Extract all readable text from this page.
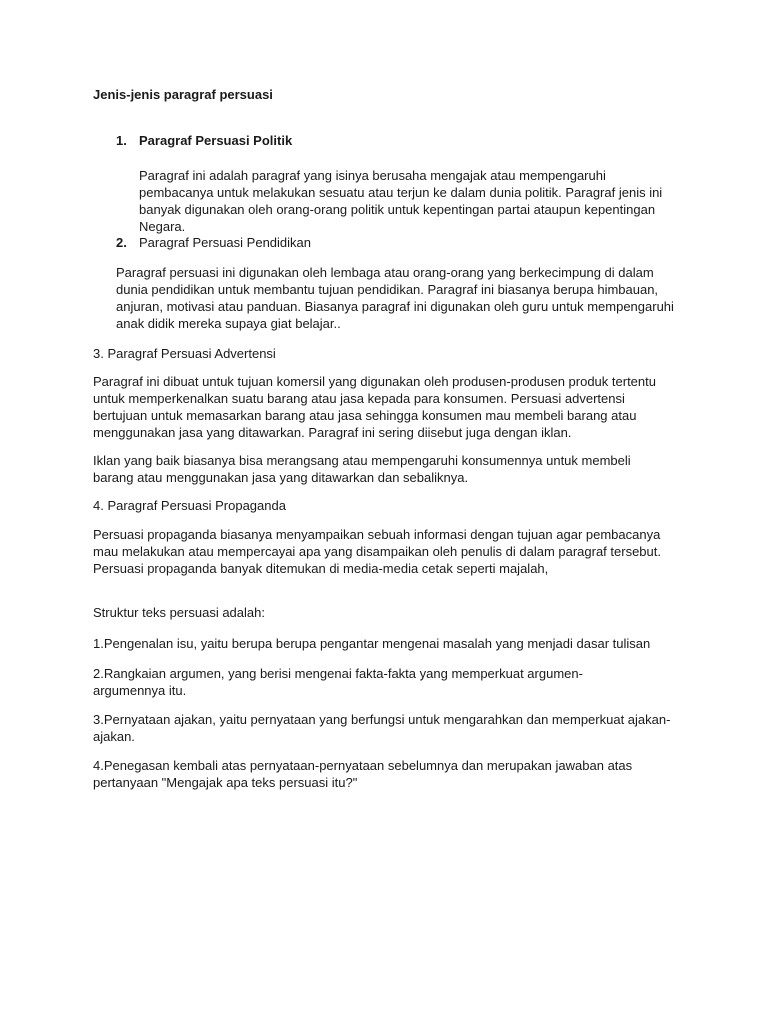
Jenis-jenis paragraf persuasi

1. Paragraf Persuasi Politik

Paragraf ini adalah paragraf yang isinya berusaha mengajak atau mempengaruhi pembacanya untuk melakukan sesuatu atau terjun ke dalam dunia politik. Paragraf jenis ini banyak digunakan oleh orang-orang politik untuk kepentingan partai ataupun kepentingan Negara.

2. Paragraf Persuasi Pendidikan

Paragraf persuasi ini digunakan oleh lembaga atau orang-orang yang berkecimpung di dalam dunia pendidikan untuk membantu tujuan pendidikan. Paragraf ini biasanya berupa himbauan, anjuran, motivasi atau panduan. Biasanya paragraf ini digunakan oleh guru untuk mempengaruhi anak didik mereka supaya giat belajar..

3. Paragraf Persuasi Advertensi

Paragraf ini dibuat untuk tujuan komersil yang digunakan oleh produsen-produsen produk tertentu untuk memperkenalkan suatu barang atau jasa kepada para konsumen. Persuasi advertensi bertujuan untuk memasarkan barang atau jasa sehingga konsumen mau membeli barang atau menggunakan jasa yang ditawarkan. Paragraf ini sering diisebut juga dengan iklan.

Iklan yang baik biasanya bisa merangsang atau mempengaruhi konsumennya untuk membeli barang atau menggunakan jasa yang ditawarkan dan sebaliknya.

4. Paragraf Persuasi Propaganda

Persuasi propaganda biasanya menyampaikan sebuah informasi dengan tujuan agar pembacanya mau melakukan atau mempercayai apa yang disampaikan oleh penulis di dalam paragraf tersebut. Persuasi propaganda banyak ditemukan di media-media cetak seperti majalah,

Struktur teks persuasi adalah:

1.Pengenalan isu, yaitu berupa berupa pengantar mengenai masalah yang menjadi dasar tulisan

2.Rangkaian argumen, yang berisi mengenai fakta-fakta yang memperkuat argumen-argumennya itu.

3.Pernyataan ajakan, yaitu pernyataan yang berfungsi untuk mengarahkan dan memperkuat ajakan-ajakan.

4.Penegasan kembali atas pernyataan-pernyataan sebelumnya dan merupakan jawaban atas pertanyaan "Mengajak apa teks persuasi itu?"
